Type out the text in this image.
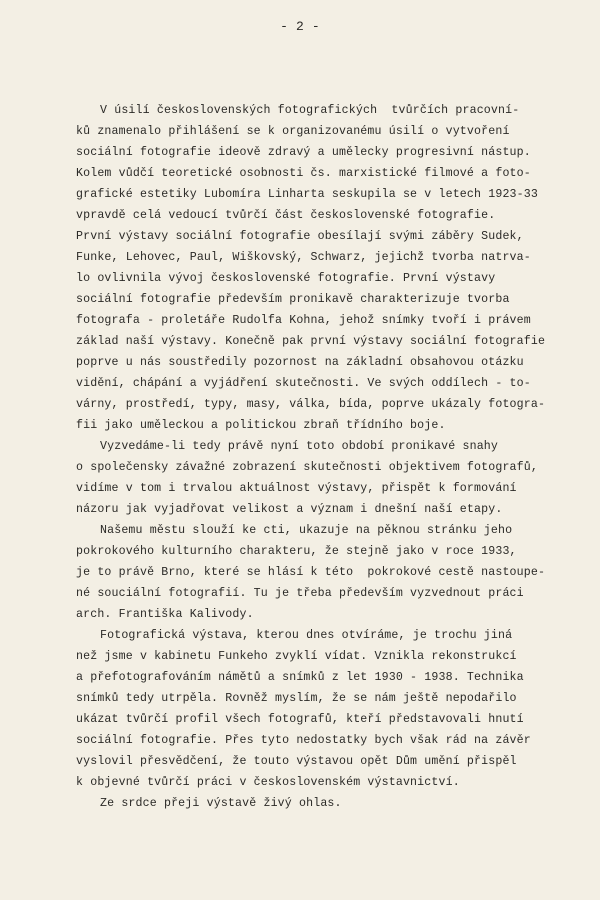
- 2 -
V úsilí československých fotografických  tvůrčích pracovní-
ků znamenalo přihlášení se k organizovanému úsilí o vytvoření
sociální fotografie ideově zdravý a umělecky progresivní nástup.
Kolem vůdčí teoretické osobnosti čs. marxistické filmové a foto-
grafické estetiky Lubomíra Linharta seskupila se v letech 1923-33
vpravdě celá vedoucí tvůrčí část československé fotografie.
První výstavy sociální fotografie obesílají svými záběry Sudek,
Funke, Lehovec, Paul, Wiškovský, Schwarz, jejichž tvorba natrva-
lo ovlivnila vývoj československé fotografie. První výstavy
sociální fotografie především pronikavě charakterizuje tvorba
fotografa - proletáře Rudolfa Kohna, jehož snímky tvoří i právem
základ naší výstavy. Konečně pak první výstavy sociální fotografie
poprve u nás soustředily pozornost na základní obsahovou otázku
vidění, chápání a vyjádření skutečnosti. Ve svých oddílech - to-
várny, prostředí, typy, masy, válka, bída, poprve ukázaly fotogra-
fii jako uměleckou a politickou zbraň třídního boje.
Vyzvedáme-li tedy právě nyní toto období pronikavé snahy
o společensky závažné zobrazení skutečnosti objektivem fotografů,
vidíme v tom i trvalou aktuálnost výstavy, přispět k formování
názoru jak vyjadřovat velikost a význam i dnešní naší etapy.
Našemu městu slouží ke cti, ukazuje na pěknou stránku jeho
pokrokového kulturního charakteru, že stejně jako v roce 1933,
je to právě Brno, které se hlásí k této  pokrokové cestě nastoupe-
né souciální fotografií. Tu je třeba především vyzvednout práci
arch. Františka Kalivody.
Fotografická výstava, kterou dnes otvíráme, je trochu jiná
než jsme v kabinetu Funkeho zvyklí vídat. Vznikla rekonstrukcí
a přefotografováním námětů a snímků z let 1930 - 1938. Technika
snímků tedy utrpěla. Rovněž myslím, že se nám ještě nepodařilo
ukázat tvůrčí profil všech fotografů, kteří představovali hnutí
sociální fotografie. Přes tyto nedostatky bych však rád na závěr
vyslovil přesvědčení, že touto výstavou opět Dům umění přispěl
k objevné tvůrčí práci v československém výstavnictví.
Ze srdce přeji výstavě živý ohlas.
